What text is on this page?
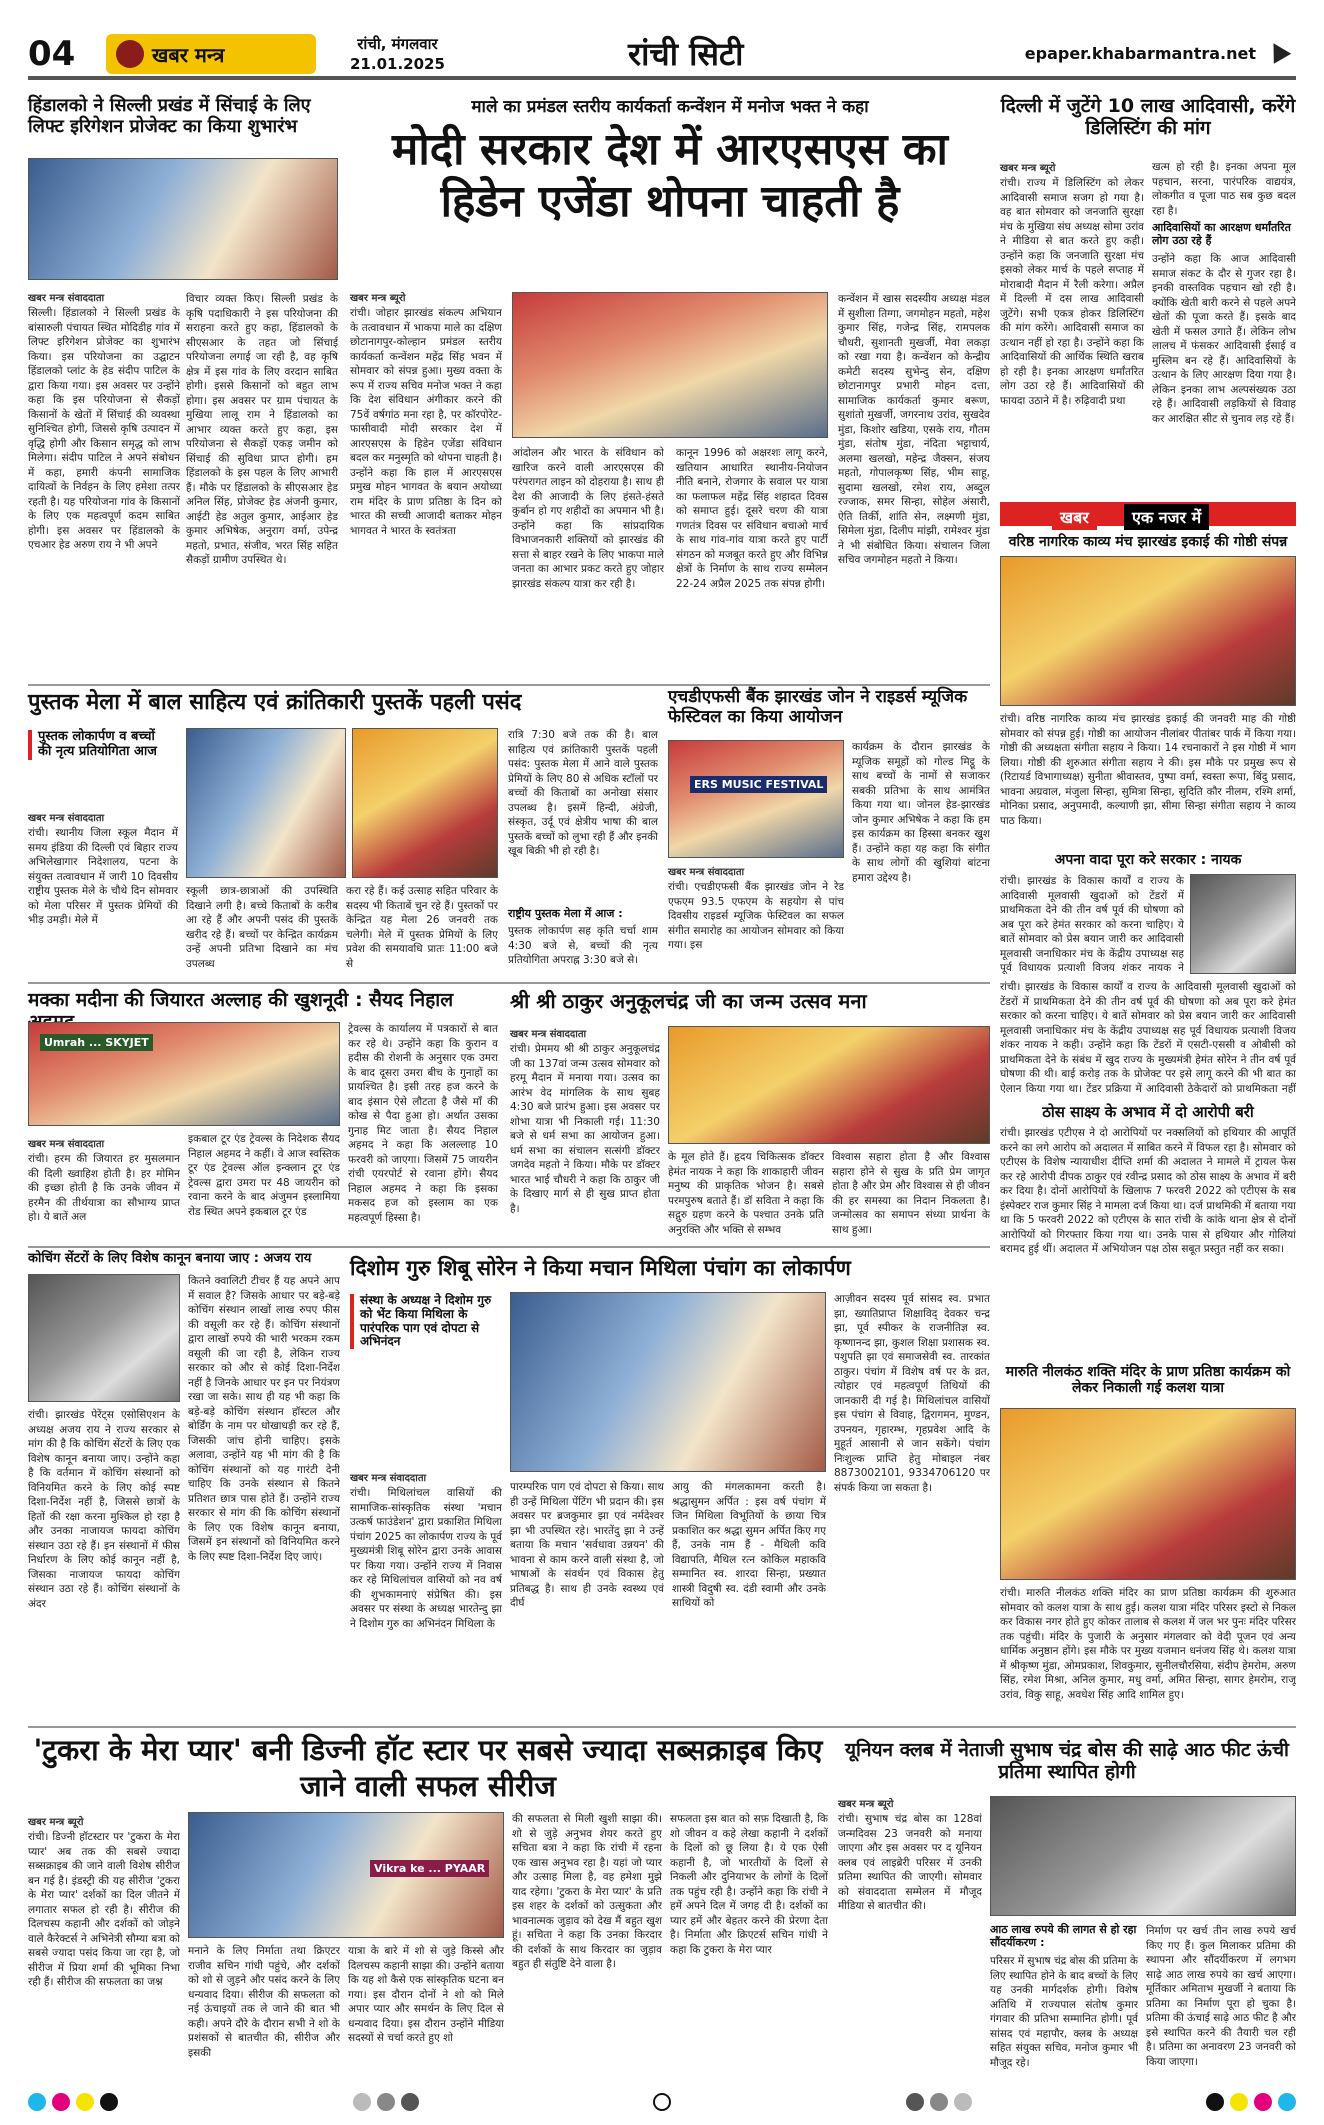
04	खबर मन्त्र	रांची, मंगलवार
21.01.2025	रांची सिटी	epaper.khabarmantra.net
हिंडालको ने सिल्ली प्रखंड में सिंचाई के लिए लिफ्ट इरिगेशन प्रोजेक्ट का किया शुभारंभ
खबर मन्त्र संवाददाता
सिल्ली। हिंडालको ने सिल्ली प्रखंड के बांसारुली पंचायत स्थित मोदिडीह गांव में लिफ्ट इरिगेशन प्रोजेक्ट का शुभारंभ किया। इस परियोजना का उद्घाटन हिंडालको प्लांट के हेड संदीप पाटिल के द्वारा किया गया। इस अवसर पर उन्होंने कहा कि इस परियोजना से सैकड़ों किसानों के खेतों में सिंचाई की व्यवस्था सुनिश्चित होगी, जिससे कृषि उत्पादन में वृद्धि होगी और किसान समृद्ध को लाभ मिलेगा। संदीप पाटिल ने अपने संबोधन में कहा, हमारी कंपनी सामाजिक दायित्वों के निर्वहन के लिए हमेशा तत्पर रहती है। यह परियोजना गांव के किसानों के लिए एक महत्वपूर्ण कदम साबित होगी। इस अवसर पर हिंडालको के एचआर हेड अरुण राय ने भी अपने
विचार व्यक्त किए। सिल्ली प्रखंड के कृषि पदाधिकारी ने इस परियोजना की सराहना करते हुए कहा, हिंडालको के सीएसआर के तहत जो सिंचाई परियोजना लगाई जा रही है, वह कृषि क्षेत्र में इस गांव के लिए वरदान साबित होगी। इससे किसानों को बहुत लाभ होगा। इस अवसर पर ग्राम पंचायत के मुखिया लालू राम ने हिंडालको का आभार व्यक्त करते हुए कहा, इस परियोजना से सैकड़ों एकड़ जमीन को सिंचाई की सुविधा प्राप्त होगी। हम हिंडालको के इस पहल के लिए आभारी हैं। मौके पर हिंडालको के सीएसआर हेड अनिल सिंह, प्रोजेक्ट हेड अंजनी कुमार, आईटी हेड अतुल कुमार, आईआर हेड कुमार अभिषेक, अनुराग वर्मा, उपेन्द्र महतो, प्रभात, संजीव, भरत सिंह सहित सैकड़ों ग्रामीण उपस्थित थे।
माले का प्रमंडल स्तरीय कार्यकर्ता कन्वेंशन में मनोज भक्त ने कहा
मोदी सरकार देश में आरएसएस का हिडेन एजेंडा थोपना चाहती है
खबर मन्त्र ब्यूरो
रांची। जोहार झारखंड संकल्प अभियान के तत्वावधान में भाकपा माले का दक्षिण छोटानागपुर-कोल्हान प्रमंडल स्तरीय कार्यकर्ता कन्वेंशन महेंद्र सिंह भवन में सोमवार को संपन्न हुआ। मुख्य वक्ता के रूप में राज्य सचिव मनोज भक्त ने कहा कि देश संविधान अंगीकार करने की 75वें वर्षगांठ मना रहा है, पर कॉरपोरेट-फासीवादी मोदी सरकार देश में आरएसएस के हिडेन एजेंडा संविधान बदल कर मनुस्मृति को थोपना चाहती है। उन्होंने कहा कि हाल में आरएसएस प्रमुख मोहन भागवत के बयान अयोध्या राम मंदिर के प्राण प्रतिष्ठा के दिन को भारत की सच्ची आजादी बताकर मोहन भागवत ने भारत के स्वतंत्रता
आंदोलन और भारत के संविधान को खारिज करने वाली आरएसएस की परंपरागत लाइन को दोहराया है। साथ ही देश की आजादी के लिए हंसते-हंसते कुर्बान हो गए शहीदों का अपमान भी है। उन्होंने कहा कि सांप्रदायिक विभाजनकारी शक्तियों को झारखंड की सत्ता से बाहर रखने के लिए भाकपा माले जनता का आभार प्रकट करते हुए जोहार झारखंड संकल्प यात्रा कर रही है।
कानून 1996 को अक्षरशः लागू करने, खतियान आधारित स्थानीय-नियोजन नीति बनाने, रोजगार के सवाल पर यात्रा का फलाफल महेंद्र सिंह शहादत दिवस को समाप्त हुई। दूसरे चरण की यात्रा गणतंत्र दिवस पर संविधान बचाओ मार्च के साथ गांव-गांव यात्रा करते हुए पार्टी संगठन को मजबूत करते हुए और विभिन्न क्षेत्रों के निर्माण के साथ राज्य सम्मेलन 22-24 अप्रैल 2025 तक संपन्न होगी।
कन्वेंशन में खास सदस्यीय अध्यक्ष मंडल में सुशीला तिग्गा, जगमोहन महतो, महेश कुमार सिंह, गजेन्द्र सिंह, रामपलक चौधरी, सुशानती मुखर्जी, मेवा लकड़ा को रखा गया है। कन्वेंशन को केन्द्रीय कमेटी सदस्य सुभेन्दु सेन, दक्षिण छोटानागपुर प्रभारी मोहन दत्ता, सामाजिक कार्यकर्ता कुमार बरूण, सुशांतो मुखर्जी, जगरनाथ उरांव, सुखदेव मुंडा, किशोर खडिया, एसके राय, गौतम मुंडा, संतोष मुंडा, नंदिता भट्टाचार्य, अलमा खलखो, महेन्द्र जैक्सन, संजय महतो, गोपालकृष्ण सिंह, भीम साहू, सुदामा खलखो, रमेश राय, अब्दुल रज्जाक, समर सिन्हा, सोहेल अंसारी, ऐति तिर्की, शांति सेन, लक्ष्मणी मुंडा, सिमेला मुंडा, दिलीप मांझी, रामेश्वर मुंडा ने भी संबोधित किया। संचालन जिला सचिव जगमोहन महतो ने किया।
दिल्ली में जुटेंगे 10 लाख आदिवासी, करेंगे डिलिस्टिंग की मांग
खबर मन्त्र ब्यूरो
रांची। राज्य में डिलिस्टिंग को लेकर आदिवासी समाज सजग हो गया है। वह बात सोमवार को जनजाति सुरक्षा मंच के मुखिया संघ अध्यक्ष सोमा उरांव ने मीडिया से बात करते हुए कही। उन्होंने कहा कि जनजाति सुरक्षा मंच इसको लेकर मार्च के पहले सप्ताह में मोराबादी मैदान में रैली करेगा। अप्रैल में दिल्ली में दस लाख आदिवासी जुटेंगे। सभी एकत्र होकर डिलिस्टिंग की मांग करेंगे। आदिवासी समाज का उत्थान नहीं हो रहा है। उन्होंने कहा कि आदिवासियों की आर्थिक स्थिति खराब हो रही है। इनका आरक्षण धर्मांतरित लोग उठा रहे हैं। आदिवासियों की फायदा उठाने में है। रुढ़िवादी प्रथा
खत्म हो रही है। इनका अपना मूल पहचान, सरना, पारंपरिक वाद्ययंत्र, लोकगीत व पूजा पाठ सब कुछ बदल रहा है।
आदिवासियों का आरक्षण धर्मांतरित लोग उठा रहे हैं
उन्होंने कहा कि आज आदिवासी समाज संकट के दौर से गुजर रहा है। इनकी वास्तविक पहचान खो रही है। क्योंकि खेती बारी करने से पहले अपने खेतों की पूजा करते हैं। इसके बाद खेती में फसल उगाते हैं। लेकिन लोभ लालच में फंसकर आदिवासी ईसाई व मुस्लिम बन रहे हैं। आदिवासियों के उत्थान के लिए आरक्षण दिया गया है। लेकिन इनका लाभ अल्पसंख्यक उठा रहे हैं। आदिवासी लड़कियों से विवाह कर आरक्षित सीट से चुनाव लड़ रहे हैं।
खबर	एक नजर में
वरिष्ठ नागरिक काव्य मंच झारखंड इकाई की गोष्ठी संपन्न
रांची। वरिष्ठ नागरिक काव्य मंच झारखंड इकाई की जनवरी माह की गोष्ठी सोमवार को संपन्न हुई। गोष्ठी का आयोजन नीलांबर पीतांबर पार्क में किया गया। गोष्ठी की अध्यक्षता संगीता सहाय ने किया। 14 रचनाकारों ने इस गोष्ठी में भाग लिया। गोष्ठी की शुरुआत संगीता सहाय ने की। इस मौके पर प्रमुख रूप से (रिटायर्ड विभागाध्यक्ष) सुनीता श्रीवास्तव, पुष्पा वर्मा, स्वस्ता रूपा, बिंदु प्रसाद, भावना अग्रवाल, मंजुला सिन्हा, सुमित्रा सिन्हा, सुदिति कौर नीलम, रश्मि शर्मा, मोनिका प्रसाद, अनुपमादी, कल्याणी झा, सीमा सिन्हा संगीता सहाय ने काव्य पाठ किया।
अपना वादा पूरा करे सरकार : नायक
रांची। झारखंड के विकास कार्यों व राज्य के आदिवासी मूलवासी खुदाओं को टेंडरों में प्राथमिकता देने की तीन वर्ष पूर्व की घोषणा को अब पूरा करे हेमंत सरकार को करना चाहिए। ये बातें सोमवार को प्रेस बयान जारी कर आदिवासी मूलवासी जनाधिकार मंच के केंद्रीय उपाध्यक्ष सह पूर्व विधायक प्रत्याशी विजय शंकर नायक ने
रांची। झारखंड के विकास कार्यों व राज्य के आदिवासी मूलवासी खुदाओं को टेंडरों में प्राथमिकता देने की तीन वर्ष पूर्व की घोषणा को अब पूरा करे हेमंत सरकार को करना चाहिए। ये बातें सोमवार को प्रेस बयान जारी कर आदिवासी मूलवासी जनाधिकार मंच के केंद्रीय उपाध्यक्ष सह पूर्व विधायक प्रत्याशी विजय शंकर नायक ने कही। उन्होंने कहा कि टेंडरों में एसटी-एससी व ओबीसी को प्राथमिकता देने के संबंध में खुद राज्य के मुख्यमंत्री हेमंत सोरेन ने तीन वर्ष पूर्व घोषणा की थी। बाई करोड़ तक के प्रोजेक्ट पर इसे लागू करने की भी बात का ऐलान किया गया था। टेंडर प्रक्रिया में आदिवासी ठेकेदारों को प्राथमिकता नहीं
ठोस साक्ष्य के अभाव में दो आरोपी बरी
रांची। झारखंड एटीएस ने दो आरोपियों पर नक्सलियों को हथियार की आपूर्ति करने का लगे आरोप को अदालत में साबित करने में विफल रहा है। सोमवार को एटीएस के विशेष न्यायाधीश दीप्ति शर्मा की अदालत ने मामले में ट्रायल फेस कर रहे आरोपी दीपक ठाकुर एवं रवीन्द्र प्रसाद को ठोस साक्ष्य के अभाव में बरी कर दिया है। दोनों आरोपियों के खिलाफ 7 फरवरी 2022 को एटीएस के सब इंस्पेक्टर राज कुमार सिंह ने मामला दर्ज किया था। दर्ज प्राथमिकी में बताया गया था कि 5 फरवरी 2022 को एटीएस के सात रांची के कांके थाना क्षेत्र से दोनों आरोपियों को गिरफ्तार किया गया था। उनके पास से हथियार और गोलियां बरामद हुई थीं। अदालत में अभियोजन पक्ष ठोस सबूत प्रस्तुत नहीं कर सका।
मारुति नीलकंठ शक्ति मंदिर के प्राण प्रतिष्ठा कार्यक्रम को लेकर निकाली गई कलश यात्रा
रांची। मारुति नीलकंठ शक्ति मंदिर का प्राण प्रतिष्ठा कार्यक्रम की शुरुआत सोमवार को कलश यात्रा के साथ हुई। कलश यात्रा मंदिर परिसर इस्टो से निकल कर विकास नगर होते हुए कोकर तालाब से कलश में जल भर पुनः मंदिर परिसर तक पहुंची। मंदिर के पुजारी के अनुसार मंगलवार को वेदी पूजन एवं अन्य धार्मिक अनुष्ठान होंगे। इस मौके पर मुख्य यजमान धनंजय सिंह थे। कलश यात्रा में श्रीकृष्ण मुंडा, ओमप्रकाश, शिवकुमार, सुनीलचौरसिया, संदीप हेमरोम, अरुण सिंह, रमेश मिश्रा, अनिल कुमार, मधु वर्मा, अमित सिन्हा, सागर हेमरोम, राजू उरांव, विकु साहू, अवधेश सिंह आदि शामिल हुए।
पुस्तक मेला में बाल साहित्य एवं क्रांतिकारी पुस्तकें पहली पसंद
पुस्तक लोकार्पण व बच्चों की नृत्य प्रतियोगिता आज
खबर मन्त्र संवाददाता
रांची। स्थानीय जिला स्कूल मैदान में समय इंडिया की दिल्ली एवं बिहार राज्य अभिलेखागार निदेशालय, पटना के संयुक्त तत्वावधान में जारी 10 दिवसीय राष्ट्रीय पुस्तक मेले के चौथे दिन सोमवार को मेला परिसर में पुस्तक प्रेमियों की भीड़ उमड़ी। मेले में
स्कूली छात्र-छात्राओं की उपस्थिति दिखाने लगी है। बच्चे किताबों के करीब आ रहे हैं और अपनी पसंद की पुस्तकें खरीद रहे हैं। बच्चों पर केन्द्रित कार्यक्रम उन्हें अपनी प्रतिभा दिखाने का मंच उपलब्ध
करा रहे हैं। कई उत्साह सहित परिवार के सदस्य भी किताबें चुन रहे हैं। पुस्तकों पर केन्द्रित यह मेला 26 जनवरी तक चलेगी। मेले में पुस्तक प्रेमियों के लिए प्रवेश की समयावधि प्रातः 11:00 बजे से
रात्रि 7:30 बजे तक की है। बाल साहित्य एवं क्रांतिकारी पुस्तकें पहली पसंद: पुस्तक मेला में आने वाले पुस्तक प्रेमियों के लिए 80 से अधिक स्टॉलों पर बच्चों की किताबों का अनोखा संसार उपलब्ध है। इसमें हिन्दी, अंग्रेजी, संस्कृत, उर्दू एवं क्षेत्रीय भाषा की बाल पुस्तकें बच्चों को लुभा रही हैं और इनकी खूब बिक्री भी हो रही है।
राष्ट्रीय पुस्तक मेला में आज :
पुस्तक लोकार्पण सह कृति चर्चा शाम 4:30 बजे से, बच्चों की नृत्य प्रतियोगिता अपराह्न 3:30 बजे से।
एचडीएफसी बैंक झारखंड जोन ने राइडर्स म्यूजिक फेस्टिवल का किया आयोजन
ERS MUSIC FESTIVAL
खबर मन्त्र संवाददाता
रांची। एचडीएफसी बैंक झारखंड जोन ने रेड एफएम 93.5 एफएम के सहयोग से पांच दिवसीय राइडर्स म्यूजिक फेस्टिवल का सफल संगीत समारोह का आयोजन सोमवार को किया गया। इस
कार्यक्रम के दौरान झारखंड के म्यूजिक समूहों को गोल्ड मिट्ठू के साथ बच्चों के नामों से सजाकर सबकी प्रतिभा के साथ आमंत्रित किया गया था। जोनल हेड-झारखंड जोन कुमार अभिषेक ने कहा कि हम इस कार्यक्रम का हिस्सा बनकर खुश हैं। उन्होंने कहा यह कहा कि संगीत के साथ लोगों की खुशियां बांटना हमारा उद्देश्य है।
मक्का मदीना की जियारत अल्लाह की खुशनूदी : सैयद निहाल
Umrah ... SKYJET
खबर मन्त्र संवाददाता
रांची। हरम की जियारत हर मुसलमान की दिली ख्वाहिश होती है। हर मोमिन की इच्छा होती है कि उनके जीवन में हरमैन की तीर्थयात्रा का सौभाग्य प्राप्त हो। ये बातें अल
इकबाल टूर एंड ट्रेवल्स के निदेशक सैयद निहाल अहमद ने कहीं। वे आज स्वस्तिक टूर एंड ट्रेवल्स ऑल इन्क्लान टूर एंड ट्रेवल्स द्वारा उमरा पर 48 जायरीन को रवाना करने के बाद अंजुमन इस्लामिया रोड स्थित अपने इकबाल टूर एंड
ट्रेवल्स के कार्यालय में पत्रकारों से बात कर रहे थे। उन्होंने कहा कि कुरान व हदीस की रोशनी के अनुसार एक उमरा के बाद दूसरा उमरा बीच के गुनाहों का प्रायश्चित है। इसी तरह हज करने के बाद इंसान ऐसे लौटता है जैसे माँ की कोख से पैदा हुआ हो। अर्थात उसका गुनाह मिट जाता है। सैयद निहाल अहमद ने कहा कि अलल्लाह 10 फरवरी को जाएगा। जिसमें 75 जायरीन रांची एयरपोर्ट से रवाना होंगे। सैयद निहाल अहमद ने कहा कि इसका मकसद हज को इस्लाम का एक महत्वपूर्ण हिस्सा है।
श्री श्री ठाकुर अनुकूलचंद्र जी का जन्म उत्सव मना
खबर मन्त्र संवाददाता
रांची। प्रेममय श्री श्री ठाकुर अनुकूलचंद्र जी का 137वां जन्म उत्सव सोमवार को हरमू मैदान में मनाया गया। उत्सव का आरंभ वेद मांगलिक के साथ सुबह 4:30 बजे प्रारंभ हुआ। इस अवसर पर शोभा यात्रा भी निकाली गई। 11:30 बजे से धर्म सभा का आयोजन हुआ। धर्म सभा का संचालन सत्संगी डॉक्टर जगदेव महतो ने किया। मौके पर डॉक्टर भारत भाई चौधरी ने कहा कि ठाकुर जी के दिखाए मार्ग से ही सुख प्राप्त होता है।
के मूल होते हैं। हृदय चिकित्सक डॉक्टर हेमंत नायक ने कहा कि शाकाहारी जीवन मनुष्य की प्राकृतिक भोजन है। सबसे परमपुरुष बताते हैं। डॉ सविता ने कहा कि सद्गुरु ग्रहण करने के पश्चात उनके प्रति अनुरक्ति और भक्ति से सम्भव
विश्वास सहारा होता है और विश्वास सहारा होने से सुख के प्रति प्रेम जागृत होता है और प्रेम और विश्वास से ही जीवन की हर समस्या का निदान निकलता है। जन्मोत्सव का समापन संध्या प्रार्थना के साथ हुआ।
कोचिंग सेंटरों के लिए विशेष कानून बनाया जाए : अजय राय
रांची। झारखंड पेरेंट्स एसोसिएशन के अध्यक्ष अजय राय ने राज्य सरकार से मांग की है कि कोचिंग सेंटरों के लिए एक विशेष कानून बनाया जाए। उन्होंने कहा है कि वर्तमान में कोचिंग संस्थानों को विनियमित करने के लिए कोई स्पष्ट दिशा-निर्देश नहीं है, जिससे छात्रों के हितों की रक्षा करना मुश्किल हो रहा है और उनका नाजायज फायदा कोचिंग संस्थान उठा रहे हैं। इन संस्थानों में फीस निर्धारण के लिए कोई कानून नहीं है, जिसका नाजायज फायदा कोचिंग संस्थान उठा रहे हैं। कोचिंग संस्थानों के अंदर
कितने क्वालिटी टीचर हैं यह अपने आप में सवाल है? जिसके आधार पर बड़े-बड़े कोचिंग संस्थान लाखों लाख रुपए फीस की वसूली कर रहे हैं। कोचिंग संस्थानों द्वारा लाखों रुपये की भारी भरकम रकम वसूली की जा रही है, लेकिन राज्य सरकार को और से कोई दिशा-निर्देश नहीं है जिनके आधार पर इन पर नियंत्रण रखा जा सके। साथ ही यह भी कहा कि बड़े-बड़े कोचिंग संस्थान हॉस्टल और बोर्डिंग के नाम पर धोखाधड़ी कर रहे हैं, जिसकी जांच होनी चाहिए। इसके अलावा, उन्होंने यह भी मांग की है कि कोचिंग संस्थानों को यह गारंटी देनी चाहिए कि उनके संस्थान से कितने प्रतिशत छात्र पास होते हैं। उन्होंने राज्य सरकार से मांग की कि कोचिंग संस्थानों के लिए एक विशेष कानून बनाया, जिसमें इन संस्थानों को विनियमित करने के लिए स्पष्ट दिशा-निर्देश दिए जाएं।
दिशोम गुरु शिबू सोरेन ने किया मचान मिथिला पंचांग का लोकार्पण
संस्था के अध्यक्ष ने दिशोम गुरु को भेंट किया मिथिला के पारंपरिक पाग एवं दोपटा से अभिनंदन
खबर मन्त्र संवाददाता
रांची। मिथिलांचल वासियों की सामाजिक-सांस्कृतिक संस्था 'मचान उत्कर्ष फाउंडेशन' द्वारा प्रकाशित मिथिला पंचांग 2025 का लोकार्पण राज्य के पूर्व मुख्यमंत्री शिबू सोरेन द्वारा उनके आवास पर किया गया। उन्होंने राज्य में निवास कर रहे मिथिलांचल वासियों को नव वर्ष की शुभकामनाएं संप्रेषित की। इस अवसर पर संस्था के अध्यक्ष भारतेन्दु झा ने दिशोम गुरु का अभिनंदन मिथिला के
पारम्परिक पाग एवं दोपटा से किया। साथ ही उन्हें मिथिला पेंटिंग भी प्रदान की। इस अवसर पर ब्रजकुमार झा एवं नर्मदेश्वर झा भी उपस्थित रहे। भारतेंदु झा ने उन्हें बताया कि मचान 'सर्वधावा उन्नयन' की भावना से काम करने वाली संस्था है, जो भाषाओं के संवर्धन एवं विकास हेतु प्रतिबद्ध है। साथ ही उनके स्वस्थ्य एवं दीर्घ
आयु की मंगलकामना करती है। श्रद्धासुमन अर्पित : इस वर्ष पंचांग में जिन मिथिला विभूतियों के छाया चित्र प्रकाशित कर श्रद्धा सुमन अर्पित किए गए हैं, उनके नाम हैं - मैथिली कवि विद्यापति, मैथिल रत्न कोकिल महाकवि सम्मानित स्व. शारदा सिन्हा, प्रख्यात शास्त्री विदुषी स्व. दंडी स्वामी और उनके साथियों को
आज़ीवन सदस्य पूर्व सांसद स्व. प्रभात झा, ख्यातिप्राप्त शिक्षाविद् देवकर चन्द्र झा, पूर्व स्पीकर के राजनीतिज्ञ स्व. कृष्णानन्द झा, कुशल शिक्षा प्रशासक स्व. पशुपति झा एवं समाजसेवी स्व. तारकांत ठाकुर। पंचांग में विशेष वर्ष पर के व्रत, त्योहार एवं महत्वपूर्ण तिथियों की जानकारी दी गई है। मिथिलांचल वासियों इस पंचांग से विवाह, द्विरागमन, मुण्डन, उपनयन, गृहारम्भ, गृहप्रवेश आदि के मुहूर्त आसानी से जान सकेंगे। पंचांग निःशुल्क प्राप्ति हेतु मोबाइल नंबर 8873002101, 9334706120 पर संपर्क किया जा सकता है।
'टुकरा के मेरा प्यार' बनी डिज्नी हॉट स्टार पर सबसे ज्यादा सब्सक्राइब किए जाने वाली सफल सीरीज
खबर मन्त्र ब्यूरो
रांची। डिज्नी हॉटस्टार पर 'टुकरा के मेरा प्यार' अब तक की सबसे ज्यादा सब्सक्राइब की जाने वाली विशेष सीरीज बन गई है। इंडस्ट्री की यह सीरीज 'टुकरा के मेरा प्यार' दर्शकों का दिल जीतने में लगातार सफल हो रही है। सीरीज की दिलचस्प कहानी और दर्शकों को जोड़ने वाले कैरेक्टर्स ने अभिनेत्री सौम्या बत्रा को सबसे ज्यादा पसंद किया जा रहा है, जो सीरीज में प्रिया शर्मा की भूमिका निभा रही हैं। सीरीज की सफलता का जश्न
Vikra ke ... PYAAR
मनाने के लिए निर्माता तथा क्रिएटर राजीव सचिन गांधी पहुंचे, और दर्शकों को शो से जुड़ने और पसंद करने के लिए धन्यवाद दिया। सीरीज की सफलता को नई ऊंचाइयों तक ले जाने की बात भी कही। अपने दौरे के दौरान सभी ने शो के प्रशंसकों से बातचीत की, सीरीज और इसकी
यात्रा के बारे में शो से जुड़े किस्से और दिलचस्प कहानी साझा की। उन्होंने बताया कि यह शो कैसे एक सांस्कृतिक घटना बन गया। इस दौरान दोनों ने शो को मिले अपार प्यार और समर्थन के लिए दिल से धन्यवाद दिया। इस दौरान उन्होंने मीडिया सदस्यों से चर्चा करते हुए शो
की सफलता से मिली खुशी साझा की। शो से जुड़े अनुभव शेयर करते हुए सचिता बत्रा ने कहा कि रांची में रहना एक खास अनुभव रहा है। यहां जो प्यार और उत्साह मिला है, वह हमेशा मुझे याद रहेगा। 'टुकरा के मेरा प्यार' के प्रति इस शहर के दर्शकों को उत्सुकता और भावनात्मक जुड़ाव को देख मैं बहुत खुश हूं। सचिता ने कहा कि उनका किरदार की दर्शकों के साथ किरदार का जुड़ाव बहुत ही संतुष्टि देने वाला है।
सफलता इस बात को सफ़ दिखाती है, कि शो जीवन व कहे लेखा कहानी ने दर्शकों के दिलों को छू लिया है। ये एक ऐसी कहानी है, जो भारतीयों के दिलों से निकली और दुनियाभर के लोगों के दिलों तक पहुंच रही है। उन्होंने कहा कि रांची ने हमें अपने दिल में जगह दी है। दर्शकों का प्यार हमें और बेहतर करने की प्रेरणा देता है। निर्माता और क्रिएटर्स सचिन गांधी ने कहा कि टुकरा के मेरा प्यार
यूनियन क्लब में नेताजी सुभाष चंद्र बोस की साढ़े आठ फीट ऊंची प्रतिमा स्थापित होगी
खबर मन्त्र ब्यूरो
रांची। सुभाष चंद्र बोस का 128वां जन्मदिवस 23 जनवरी को मनाया जाएगा और इस अवसर पर द यूनियन क्लब एवं लाइब्रेरी परिसर में उनकी प्रतिमा स्थापित की जाएगी। सोमवार को संवाददाता सम्मेलन में मौजूद मीडिया से बातचीत की।
आठ लाख रुपये की लागत से हो रहा सौंदर्यीकरण :
परिसर में सुभाष चंद्र बोस की प्रतिमा के लिए स्थापित होने के बाद बच्चों के लिए यह उनकी मार्गदर्शक होगी। विशेष अतिथि में राज्यपाल संतोष कुमार गंगवार की प्रतिभा सम्मानित होगी। पूर्व सांसद एवं महापौर, क्लब के अध्यक्ष सहित संयुक्त सचिव, मनोज कुमार भी मौजूद रहे।
निर्माण पर खर्च तीन लाख रुपये खर्च किए गए हैं। कुल मिलाकर प्रतिमा की स्थापना और सौंदर्यीकरण में लगभग साढ़े आठ लाख रुपये का खर्च आएगा। मूर्तिकार अमिताभ मुखर्जी ने बताया कि प्रतिमा का निर्माण पूरा हो चुका है। प्रतिमा की ऊंचाई साढ़े आठ फीट है और इसे स्थापित करने की तैयारी चल रही है। प्रतिमा का अनावरण 23 जनवरी को किया जाएगा।
